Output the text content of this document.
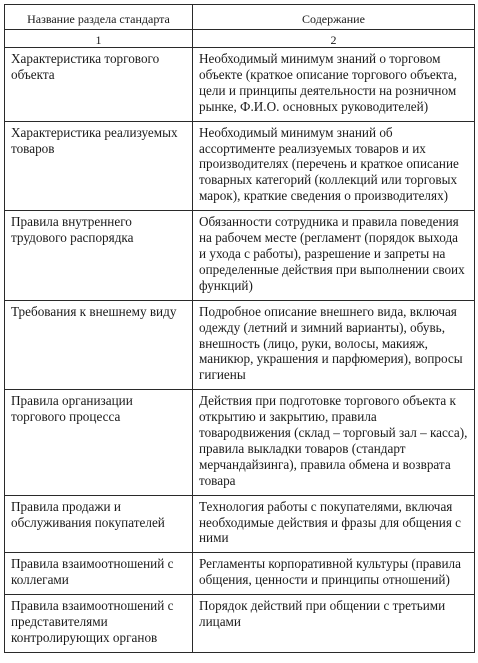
Название раздела стандарта	Содержание
1	2

Характеристика торгового объекта	Необходимый минимум знаний о торговом объекте (краткое описание торгового объекта, цели и принципы деятельности на розничном рынке, Ф.И.О. основных руководителей)

Характеристика реализуемых товаров	Необходимый минимум знаний об ассортименте реализуемых товаров и их производителях (перечень и краткое описание товарных категорий (коллекций или торговых марок), краткие сведения о производителях)

Правила внутреннего трудового распорядка	Обязанности сотрудника и правила поведения на рабочем месте (регламент (порядок выхода и ухода с работы), разрешение и запреты на определенные действия при выполнении своих функций)

Требования к внешнему виду	Подробное описание внешнего вида, включая одежду (летний и зимний варианты), обувь, внешность (лицо, руки, волосы, макияж, маникюр, украшения и парфюмерия), вопросы гигиены

Правила организации торгового процесса	Действия при подготовке торгового объекта к открытию и закрытию, правила товародвижения (склад – торговый зал – касса), правила выкладки товаров (стандарт мерчандайзинга), правила обмена и возврата товара

Правила продажи и обслуживания покупателей	Технология работы с покупателями, включая необходимые действия и фразы для общения с ними

Правила взаимоотношений с коллегами	Регламенты корпоративной культуры (правила общения, ценности и принципы отношений)

Правила взаимоотношений с представителями контролирующих органов	Порядок действий при общении с третьими лицами
